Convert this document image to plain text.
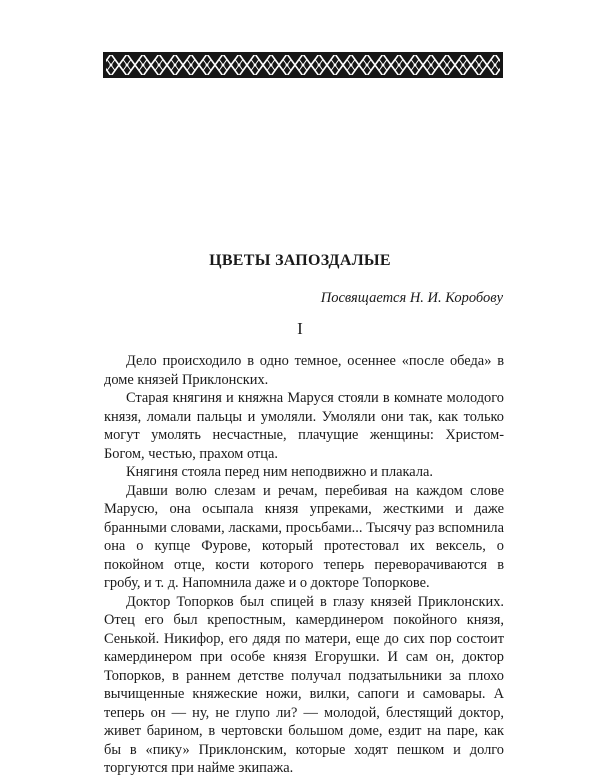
ЦВЕТЫ ЗАПОЗДАЛЫЕ
Посвящается Н. И. Коробову
I

Дело происходило в одно темное, осеннее «после обеда» в доме князей Приклонских.

Старая княгиня и княжна Маруся стояли в комнате молодого князя, ломали пальцы и умоляли. Умоляли они так, как только могут умолять несчастные, плачущие женщины: Христом-Богом, честью, прахом отца.

Княгиня стояла перед ним неподвижно и плакала.

Давши волю слезам и речам, перебивая на каждом слове Марусю, она осыпала князя упреками, жесткими и даже бранными словами, ласками, просьбами... Тысячу раз вспомнила она о купце Фурове, который протестовал их вексель, о покойном отце, кости которого теперь переворачиваются в гробу, и т. д. Напомнила даже и о докторе Топоркове.

Доктор Топорков был спицей в глазу князей Приклонских. Отец его был крепостным, камердинером покойного князя, Сенькой. Никифор, его дядя по матери, еще до сих пор состоит камердинером при особе князя Егорушки. И сам он, доктор Топорков, в раннем детстве получал подзатыльники за плохо вычищенные княжеские ножи, вилки, сапоги и самовары. А теперь он — ну, не глупо ли? — молодой, блестящий доктор, живет барином, в чертовски большом доме, ездит на паре, как бы в «пику» Приклонским, которые ходят пешком и долго торгуются при найме экипажа.
